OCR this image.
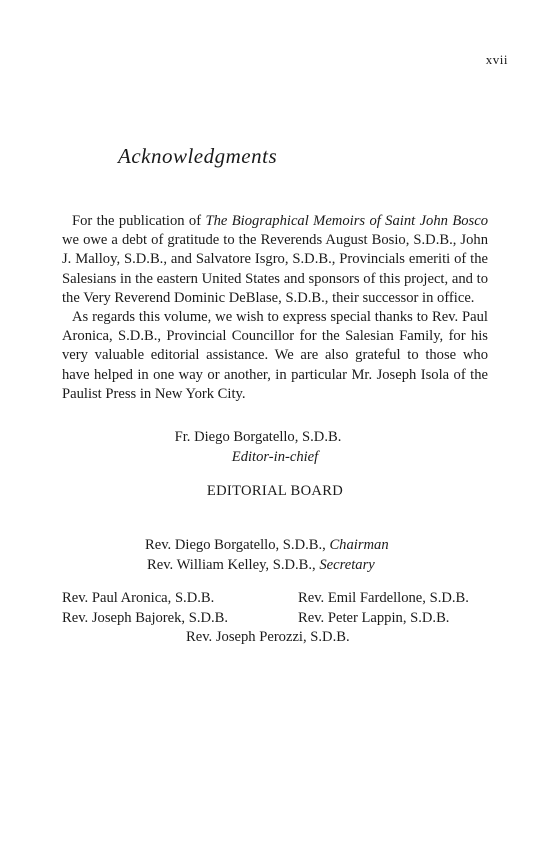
xvii
Acknowledgments

For the publication of The Biographical Memoirs of Saint John Bosco we owe a debt of gratitude to the Reverends August Bosio, S.D.B., John J. Malloy, S.D.B., and Salvatore Isgro, S.D.B., Provincials emeriti of the Salesians in the eastern United States and sponsors of this project, and to the Very Reverend Dominic DeBlase, S.D.B., their successor in office.

As regards this volume, we wish to express special thanks to Rev. Paul Aronica, S.D.B., Provincial Councillor for the Salesian Family, for his very valuable editorial assistance. We are also grateful to those who have helped in one way or another, in particular Mr. Joseph Isola of the Paulist Press in New York City.

Fr. Diego Borgatello, S.D.B.
Editor-in-chief
EDITORIAL BOARD
Rev. Diego Borgatello, S.D.B., Chairman
Rev. William Kelley, S.D.B., Secretary
Rev. Paul Aronica, S.D.B.	Rev. Emil Fardellone, S.D.B.
Rev. Joseph Bajorek, S.D.B.	Rev. Peter Lappin, S.D.B.
Rev. Joseph Perozzi, S.D.B.
